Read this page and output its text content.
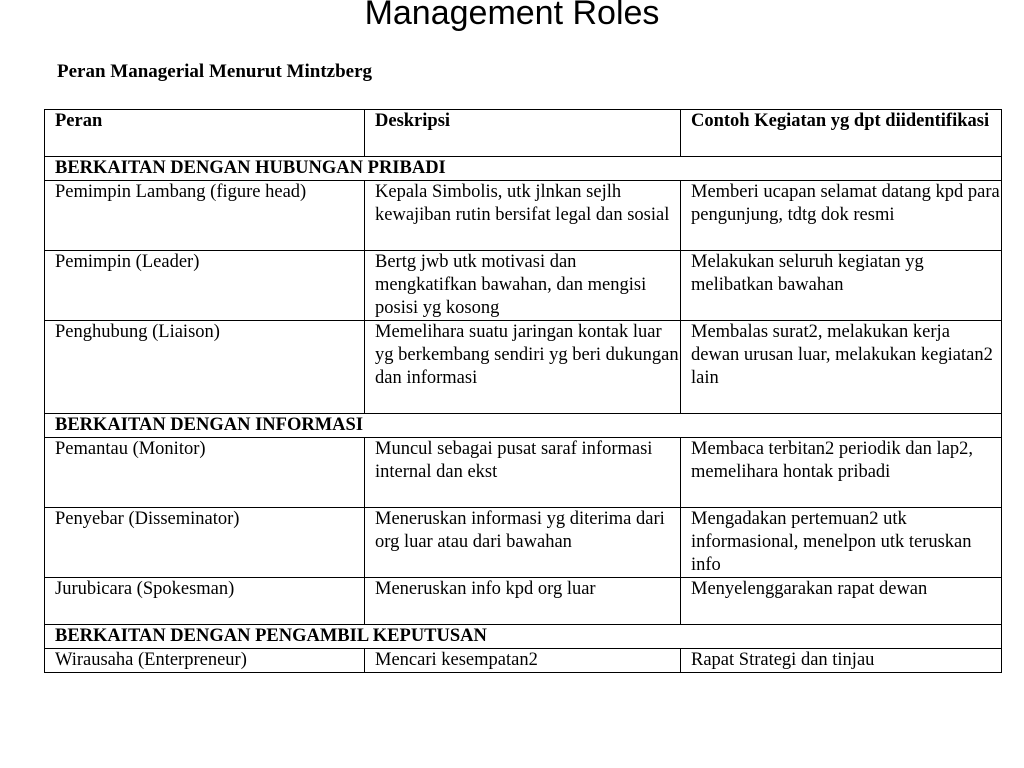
Management Roles
Peran Managerial Menurut Mintzberg
Peran	Deskripsi	Contoh Kegiatan yg dpt diidentifikasi
BERKAITAN DENGAN HUBUNGAN PRIBADI		
Pemimpin Lambang (figure head)	Kepala Simbolis, utk jlnkan sejlh kewajiban rutin bersifat legal dan sosial	Memberi ucapan selamat datang kpd para pengunjung, tdtg dok resmi
Pemimpin (Leader)	Bertg jwb utk motivasi dan mengkatifkan bawahan, dan mengisi posisi yg kosong	Melakukan seluruh kegiatan yg melibatkan bawahan
Penghubung (Liaison)	Memelihara suatu jaringan kontak luar yg berkembang sendiri yg beri dukungan dan informasi	Membalas surat2, melakukan kerja dewan urusan luar, melakukan kegiatan2 lain
BERKAITAN DENGAN INFORMASI		
Pemantau (Monitor)	Muncul sebagai pusat saraf informasi internal dan ekst	Membaca terbitan2 periodik dan lap2, memelihara hontak pribadi
Penyebar (Disseminator)	Meneruskan informasi yg diterima dari org luar atau dari bawahan	Mengadakan pertemuan2 utk informasional, menelpon utk teruskan info
Jurubicara (Spokesman)	Meneruskan info kpd org luar	Menyelenggarakan rapat dewan
BERKAITAN DENGAN PENGAMBIL KEPUTUSAN		
Wirausaha (Enterpreneur)	Mencari kesempatan2	Rapat Strategi dan tinjau
